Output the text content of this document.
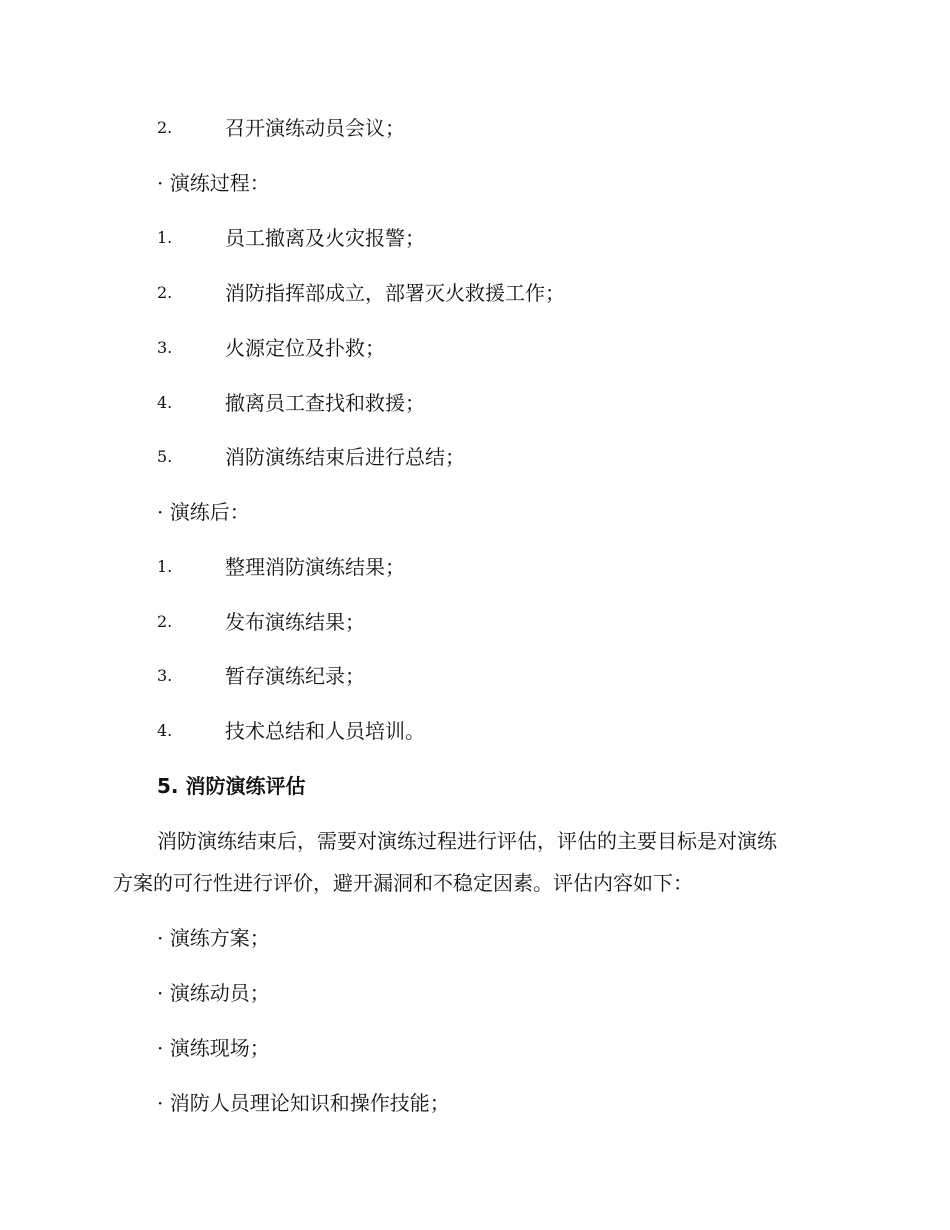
2.	召开演练动员会议；
· 演练过程：
1.	员工撤离及火灾报警；
2.	消防指挥部成立，部署灭火救援工作；
3.	火源定位及扑救；
4.	撤离员工查找和救援；
5.	消防演练结束后进行总结；
· 演练后：
1.	整理消防演练结果；
2.	发布演练结果；
3.	暂存演练纪录；
4.	技术总结和人员培训。
5. 消防演练评估
消防演练结束后，需要对演练过程进行评估，评估的主要目标是对演练
方案的可行性进行评价，避开漏洞和不稳定因素。评估内容如下：
· 演练方案；
· 演练动员；
· 演练现场；
· 消防人员理论知识和操作技能；
